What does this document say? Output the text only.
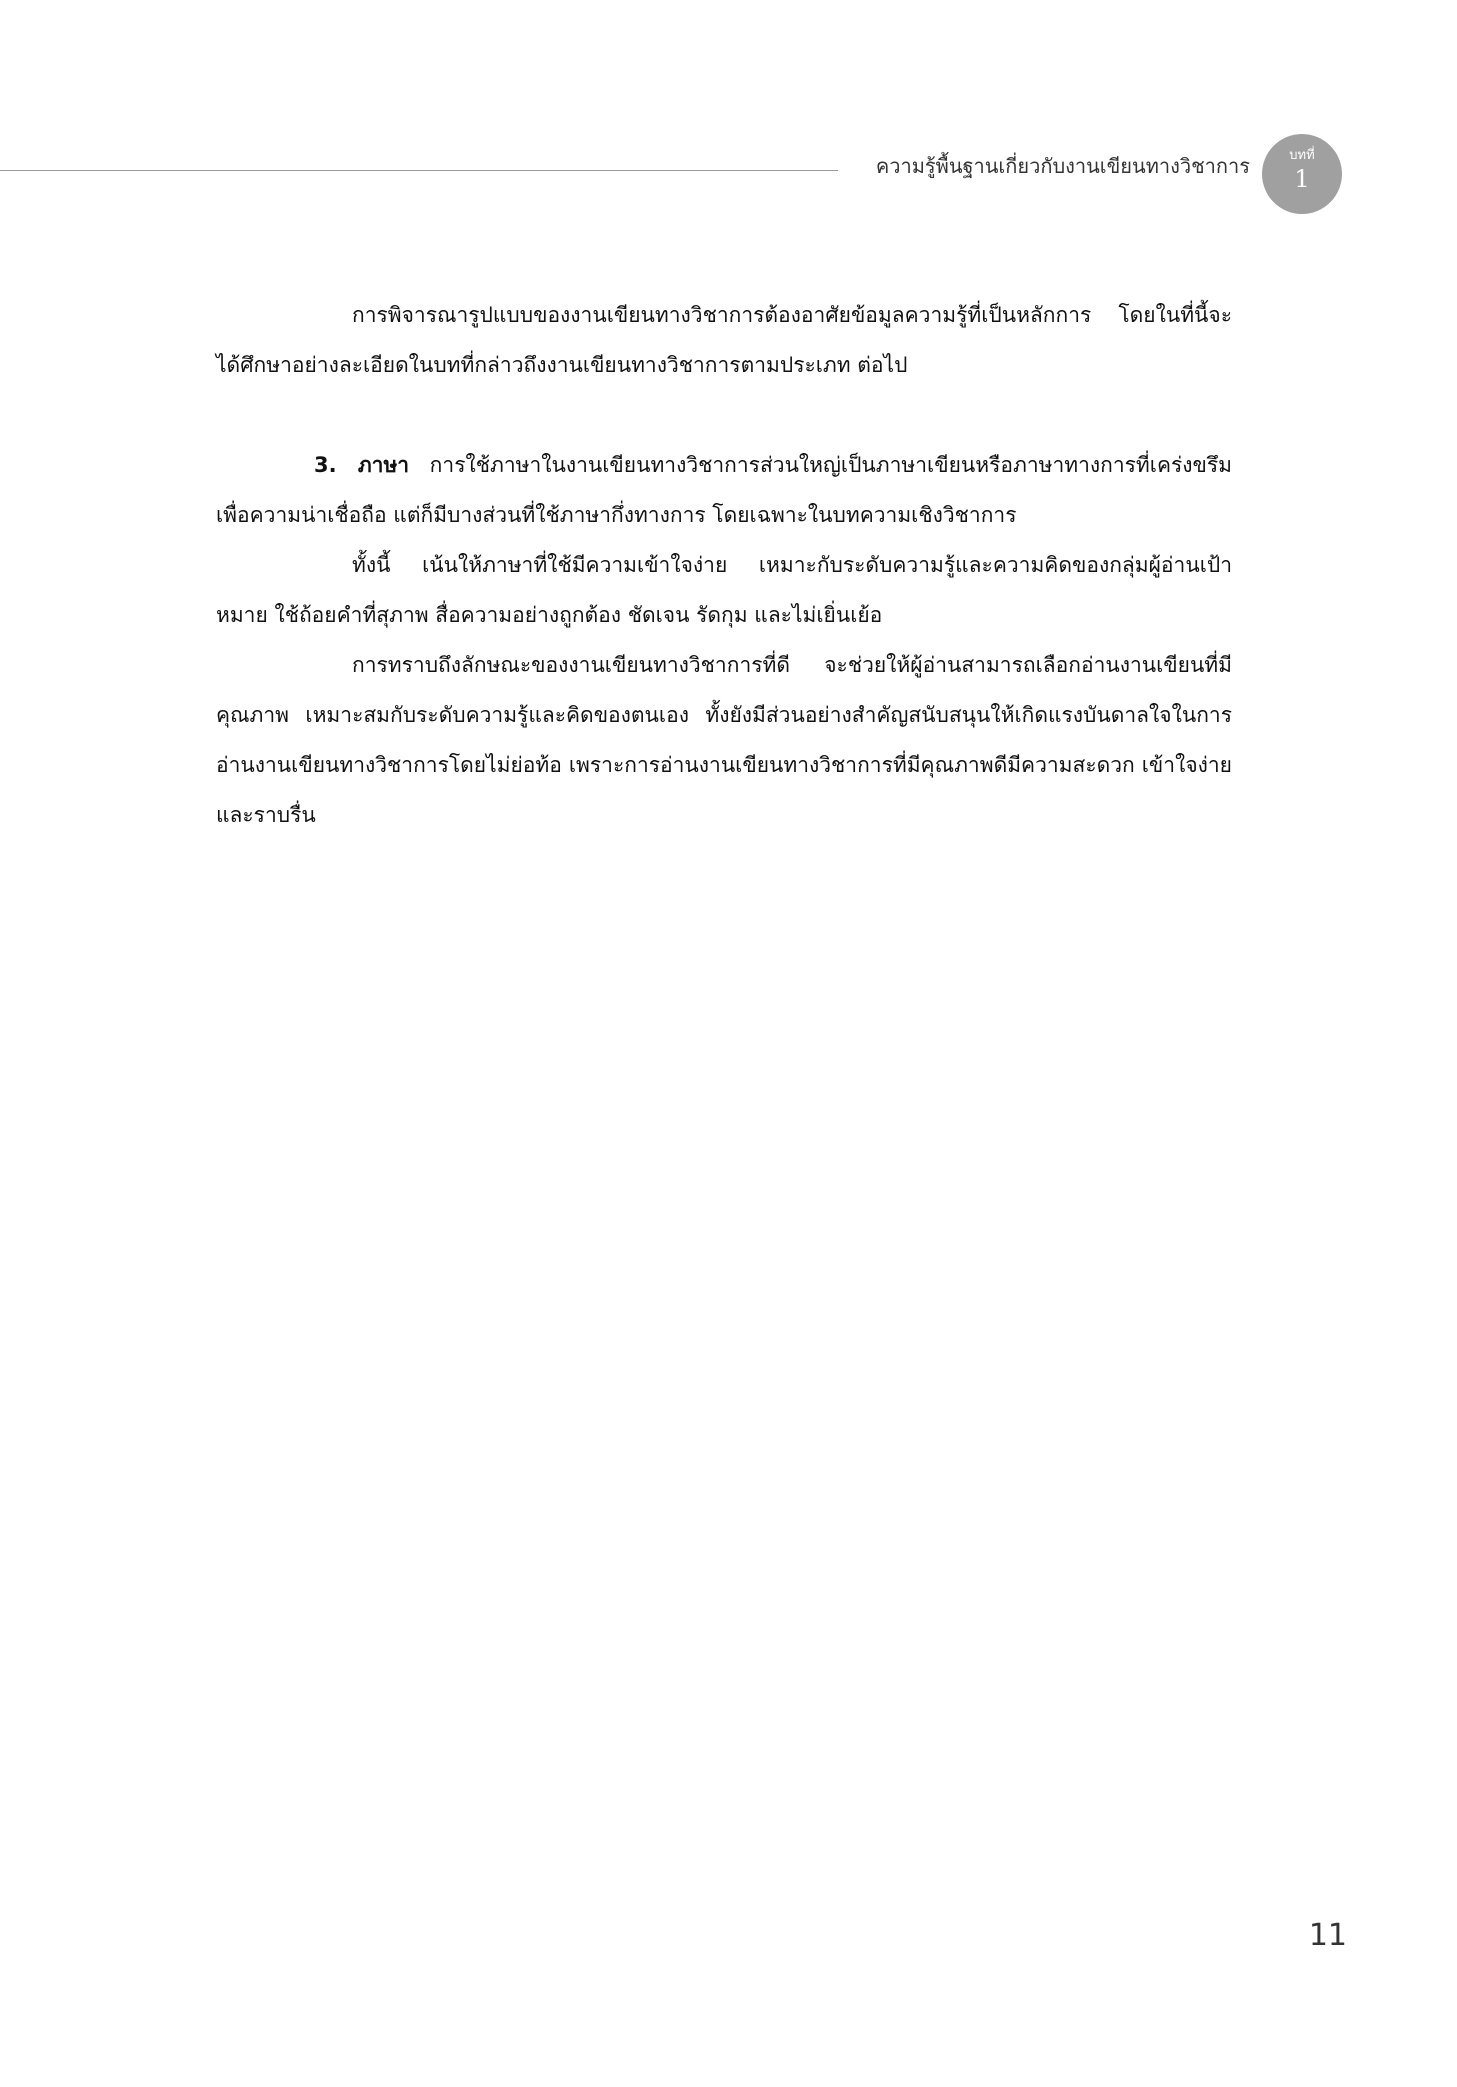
ความรู้พื้นฐานเกี่ยวกับงานเขียนทางวิชาการ	บทที่
1

การพิจารณารูปแบบของงานเขียนทางวิชาการต้องอาศัยข้อมูลความรู้ที่เป็นหลักการ โดยในที่นี้จะได้ศึกษาอย่างละเอียดในบทที่กล่าวถึงงานเขียนทางวิชาการตามประเภท ต่อไป

3. ภาษา การใช้ภาษาในงานเขียนทางวิชาการส่วนใหญ่เป็นภาษาเขียนหรือภาษาทางการที่เคร่งขรึม เพื่อความน่าเชื่อถือ แต่ก็มีบางส่วนที่ใช้ภาษากึ่งทางการ โดยเฉพาะในบทความเชิงวิชาการ

ทั้งนี้ เน้นให้ภาษาที่ใช้มีความเข้าใจง่าย เหมาะกับระดับความรู้และความคิดของกลุ่มผู้อ่านเป้าหมาย ใช้ถ้อยคำที่สุภาพ สื่อความอย่างถูกต้อง ชัดเจน รัดกุม และไม่เยิ่นเย้อ

การทราบถึงลักษณะของงานเขียนทางวิชาการที่ดี จะช่วยให้ผู้อ่านสามารถเลือกอ่านงานเขียนที่มีคุณภาพ เหมาะสมกับระดับความรู้และคิดของตนเอง ทั้งยังมีส่วนอย่างสำคัญสนับสนุนให้เกิดแรงบันดาลใจในการอ่านงานเขียนทางวิชาการโดยไม่ย่อท้อ เพราะการอ่านงานเขียนทางวิชาการที่มีคุณภาพดีมีความสะดวก เข้าใจง่าย และราบรื่น

11
